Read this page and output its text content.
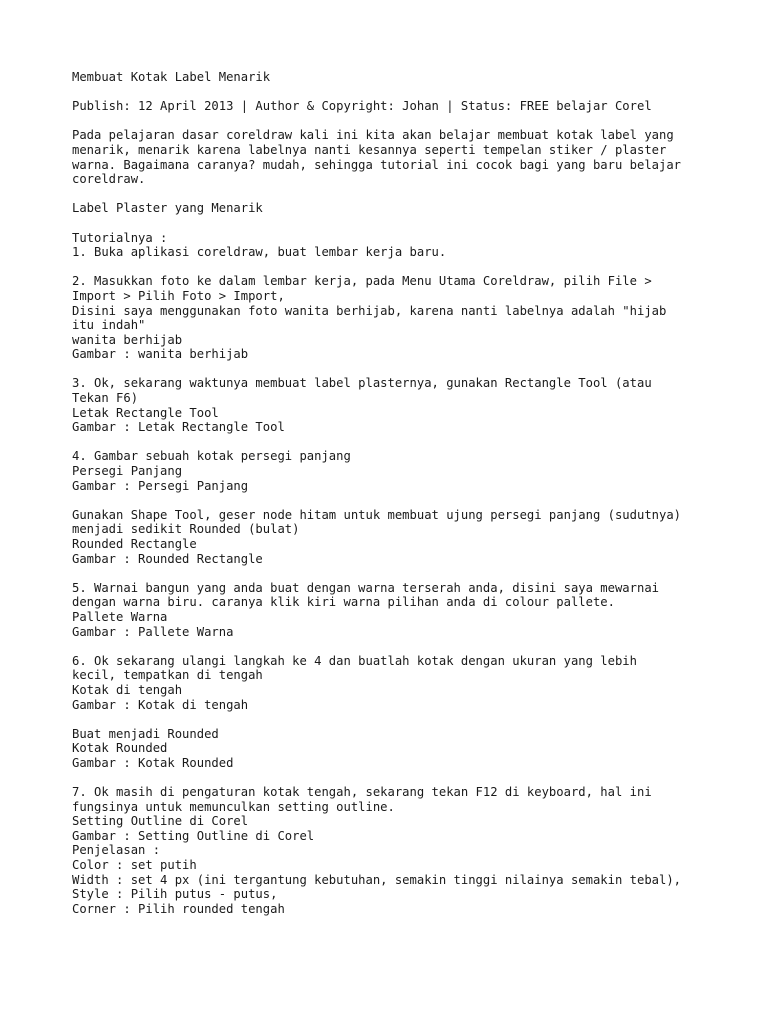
Membuat Kotak Label Menarik
Publish: 12 April 2013 | Author & Copyright: Johan | Status: FREE belajar Corel
Pada pelajaran dasar coreldraw kali ini kita akan belajar membuat kotak label yang
menarik, menarik karena labelnya nanti kesannya seperti tempelan stiker / plaster
warna. Bagaimana caranya? mudah, sehingga tutorial ini cocok bagi yang baru belajar
coreldraw.
Label Plaster yang Menarik
Tutorialnya :
1. Buka aplikasi coreldraw, buat lembar kerja baru.
2. Masukkan foto ke dalam lembar kerja, pada Menu Utama Coreldraw, pilih File >
Import > Pilih Foto > Import,
Disini saya menggunakan foto wanita berhijab, karena nanti labelnya adalah "hijab
itu indah"
wanita berhijab
Gambar : wanita berhijab
3. Ok, sekarang waktunya membuat label plasternya, gunakan Rectangle Tool (atau
Tekan F6)
Letak Rectangle Tool
Gambar : Letak Rectangle Tool
4. Gambar sebuah kotak persegi panjang
Persegi Panjang
Gambar : Persegi Panjang
Gunakan Shape Tool, geser node hitam untuk membuat ujung persegi panjang (sudutnya)
menjadi sedikit Rounded (bulat)
Rounded Rectangle
Gambar : Rounded Rectangle
5. Warnai bangun yang anda buat dengan warna terserah anda, disini saya mewarnai
dengan warna biru. caranya klik kiri warna pilihan anda di colour pallete.
Pallete Warna
Gambar : Pallete Warna
6. Ok sekarang ulangi langkah ke 4 dan buatlah kotak dengan ukuran yang lebih
kecil, tempatkan di tengah
Kotak di tengah
Gambar : Kotak di tengah
Buat menjadi Rounded
Kotak Rounded
Gambar : Kotak Rounded
7. Ok masih di pengaturan kotak tengah, sekarang tekan F12 di keyboard, hal ini
fungsinya untuk memunculkan setting outline.
Setting Outline di Corel
Gambar : Setting Outline di Corel
Penjelasan :
Color : set putih
Width : set 4 px (ini tergantung kebutuhan, semakin tinggi nilainya semakin tebal),
Style : Pilih putus - putus,
Corner : Pilih rounded tengah
